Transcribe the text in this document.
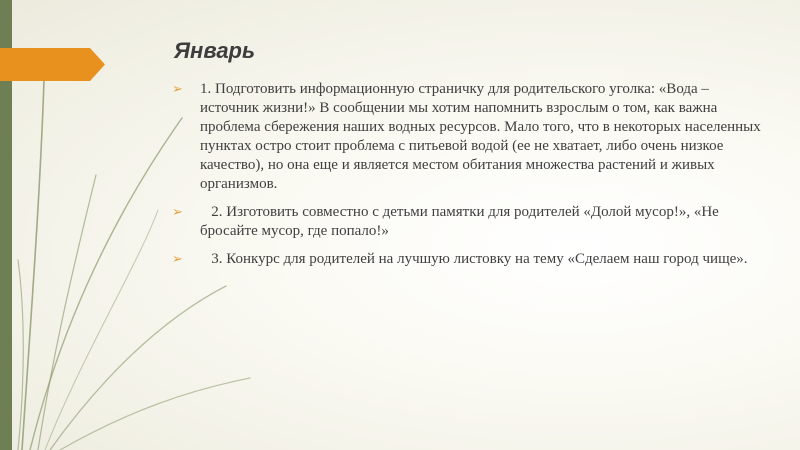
Январь
➢	1. Подготовить информационную страничку для родительского уголка: «Вода – источник жизни!» В сообщении мы хотим напомнить взрослым о том, как важна проблема сбережения наших водных ресурсов. Мало того, что в некоторых населенных пунктах остро стоит проблема с питьевой водой (ее не хватает, либо очень низкое качество), но она еще и является местом обитания множества растений и живых организмов.
➢	2. Изготовить совместно с детьми памятки для родителей «Долой мусор!», «Не бросайте мусор, где попало!»
➢	3. Конкурс для родителей на лучшую листовку на тему «Сделаем наш город чище».
